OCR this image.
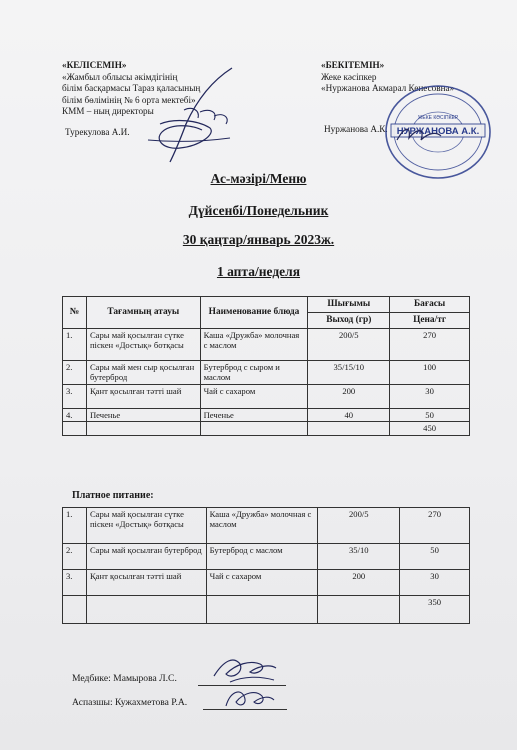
«КЕЛІСЕМІН»
«Жамбыл облысы әкімдігінің
білім басқармасы Тараз қаласының
білім бөлімінің № 6 орта мектебі»
КММ – ның директоры
Турекулова А.И.
«БЕКІТЕМІН»
Жеке кәсіпкер
«Нуржанова Акмарал Кенесовна»
Нуржанова А.К. НУРЖАНОВА А.К.
ЖЕКЕ КӘСІПКЕР
Ас-мәзірі/Меню
Дүйсенбі/Понедельник
30 қаңтар/январь 2023ж.
1 апта/неделя
№	Тағамның атауы	Наименование блюда	Шығымы	Бағасы
			Выход (гр)	Цена/тг
1.	Сары май қосылған сүтке піскен «Достық» ботқасы	Каша «Дружба» молочная с маслом	200/5	270
2.	Сары май мен сыр қосылған бутерброд	Бутерброд с сыром и маслом	35/15/10	100
3.	Қант қосылған тәтті шай	Чай с сахаром	200	30
4.	Печенье	Печенье	40	50
				450
Платное питание:
1.	Сары май қосылған сүтке піскен «Достық» ботқасы	Каша «Дружба» молочная с маслом	200/5	270
2.	Сары май қосылған бутерброд	Бутерброд с маслом	35/10	50
3.	Қант қосылған тәтті шай	Чай с сахаром	200	30
				350
Медбике: Мамырова Л.С.
Аспазшы: Кужахметова Р.А.
